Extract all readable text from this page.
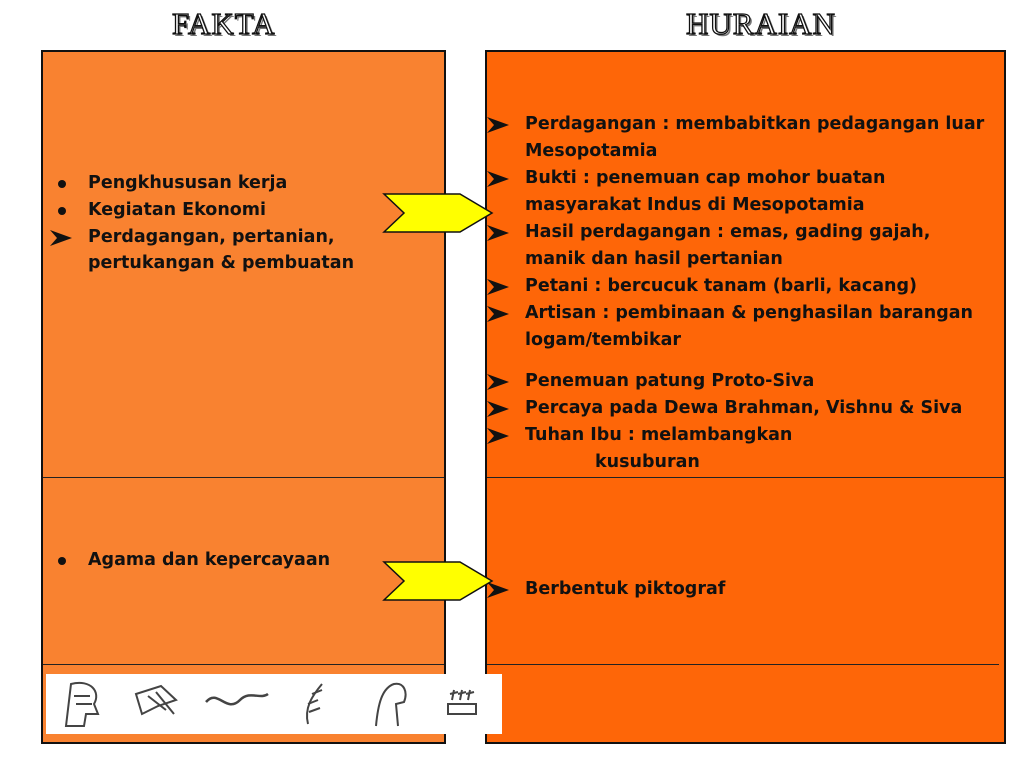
FAKTA	HURAIAN
Pengkhususan kerja
Kegiatan Ekonomi
Perdagangan, pertanian, pertukangan & pembuatan
Agama dan kepercayaan
Perdagangan : membabitkan pedagangan luar Mesopotamia
Bukti : penemuan cap mohor buatan masyarakat Indus di Mesopotamia
Hasil perdagangan : emas, gading gajah, manik dan hasil pertanian
Petani : bercucuk tanam (barli, kacang)
Artisan : pembinaan & penghasilan barangan logam/tembikar
Penemuan patung Proto-Siva
Percaya pada Dewa Brahman, Vishnu & Siva
Tuhan Ibu : melambangkan
kusuburan
Berbentuk piktograf
